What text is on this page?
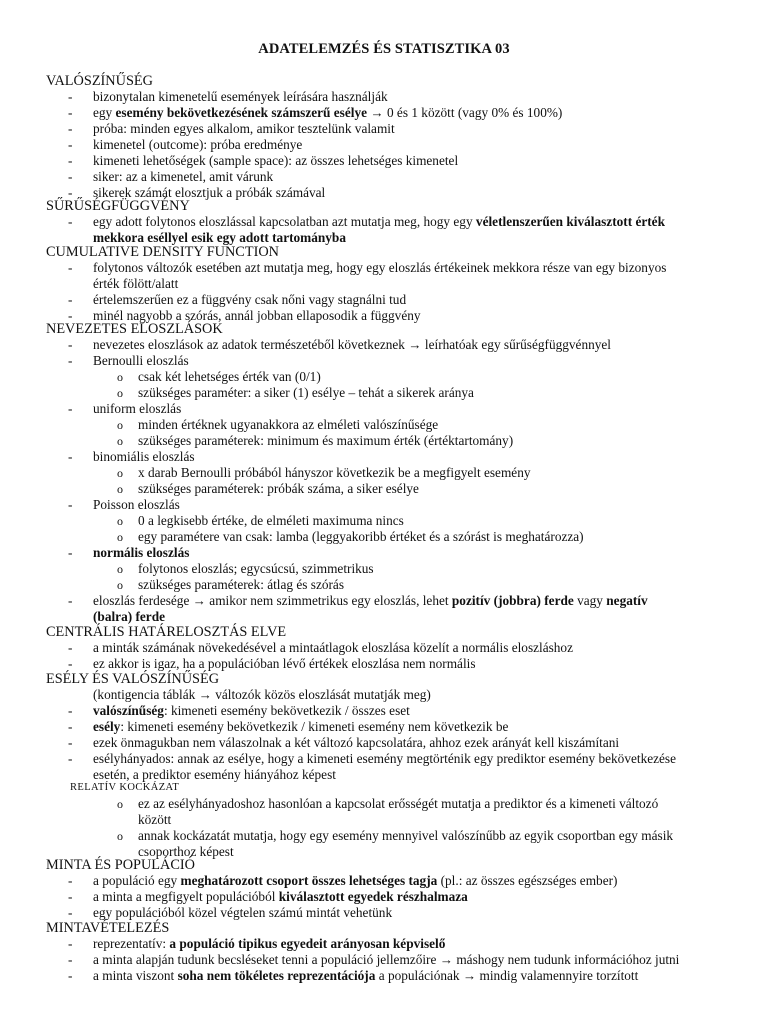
ADATELEMZÉS ÉS STATISZTIKA 03
VALÓSZÍNŰSÉG
- bizonytalan kimenetelű események leírására használják
- egy esemény bekövetkezésének számszerű esélye → 0 és 1 között (vagy 0% és 100%)
- próba: minden egyes alkalom, amikor tesztelünk valamit
- kimenetel (outcome): próba eredménye
- kimeneti lehetőségek (sample space): az összes lehetséges kimenetel
- siker: az a kimenetel, amit várunk
- sikerek számát elosztjuk a próbák számával
SŰRŰSÉGFÜGGVÉNY
- egy adott folytonos eloszlással kapcsolatban azt mutatja meg, hogy egy véletlenszerűen kiválasztott érték
mekkora eséllyel esik egy adott tartományba
CUMULATIVE DENSITY FUNCTION
- folytonos változók esetében azt mutatja meg, hogy egy eloszlás értékeinek mekkora része van egy bizonyos
érték fölött/alatt
- értelemszerűen ez a függvény csak nőni vagy stagnálni tud
- minél nagyobb a szórás, annál jobban ellaposodik a függvény
NEVEZETES ELOSZLÁSOK
- nevezetes eloszlások az adatok természetéből következnek → leírhatóak egy sűrűségfüggvénnyel
- Bernoulli eloszlás
o csak két lehetséges érték van (0/1)
o szükséges paraméter: a siker (1) esélye – tehát a sikerek aránya
- uniform eloszlás
o minden értéknek ugyanakkora az elméleti valószínűsége
o szükséges paraméterek: minimum és maximum érték (értéktartomány)
- binomiális eloszlás
o x darab Bernoulli próbából hányszor következik be a megfigyelt esemény
o szükséges paraméterek: próbák száma, a siker esélye
- Poisson eloszlás
o 0 a legkisebb értéke, de elméleti maximuma nincs
o egy paramétere van csak: lamba (leggyakoribb értéket és a szórást is meghatározza)
- normális eloszlás
o folytonos eloszlás; egycsúcsú, szimmetrikus
o szükséges paraméterek: átlag és szórás
- eloszlás ferdesége → amikor nem szimmetrikus egy eloszlás, lehet pozitív (jobbra) ferde vagy negatív
(balra) ferde
CENTRÁLIS HATÁRELOSZTÁS ELVE
- a minták számának növekedésével a mintaátlagok eloszlása közelít a normális eloszláshoz
- ez akkor is igaz, ha a populációban lévő értékek eloszlása nem normális
ESÉLY ÉS VALÓSZÍNŰSÉG
(kontigencia táblák → változók közös eloszlását mutatják meg)
- valószínűség: kimeneti esemény bekövetkezik / összes eset
- esély: kimeneti esemény bekövetkezik / kimeneti esemény nem következik be
- ezek önmagukban nem válaszolnak a két változó kapcsolatára, ahhoz ezek arányát kell kiszámítani
- esélyhányados: annak az esélye, hogy a kimeneti esemény megtörténik egy prediktor esemény bekövetkezése
esetén, a prediktor esemény hiányához képest
RELATÍV KOCKÁZAT
o ez az esélyhányadoshoz hasonlóan a kapcsolat erősségét mutatja a prediktor és a kimeneti változó
között
o annak kockázatát mutatja, hogy egy esemény mennyivel valószínűbb az egyik csoportban egy másik
csoporthoz képest
MINTA ÉS POPULÁCIÓ
- a populáció egy meghatározott csoport összes lehetséges tagja (pl.: az összes egészséges ember)
- a minta a megfigyelt populációból kiválasztott egyedek részhalmaza
- egy populációból közel végtelen számú mintát vehetünk
MINTAVÉTELEZÉS
- reprezentatív: a populáció tipikus egyedeit arányosan képviselő
- a minta alapján tudunk becsléseket tenni a populáció jellemzőire → máshogy nem tudunk információhoz jutni
- a minta viszont soha nem tökéletes reprezentációja a populációnak → mindig valamennyire torzított
